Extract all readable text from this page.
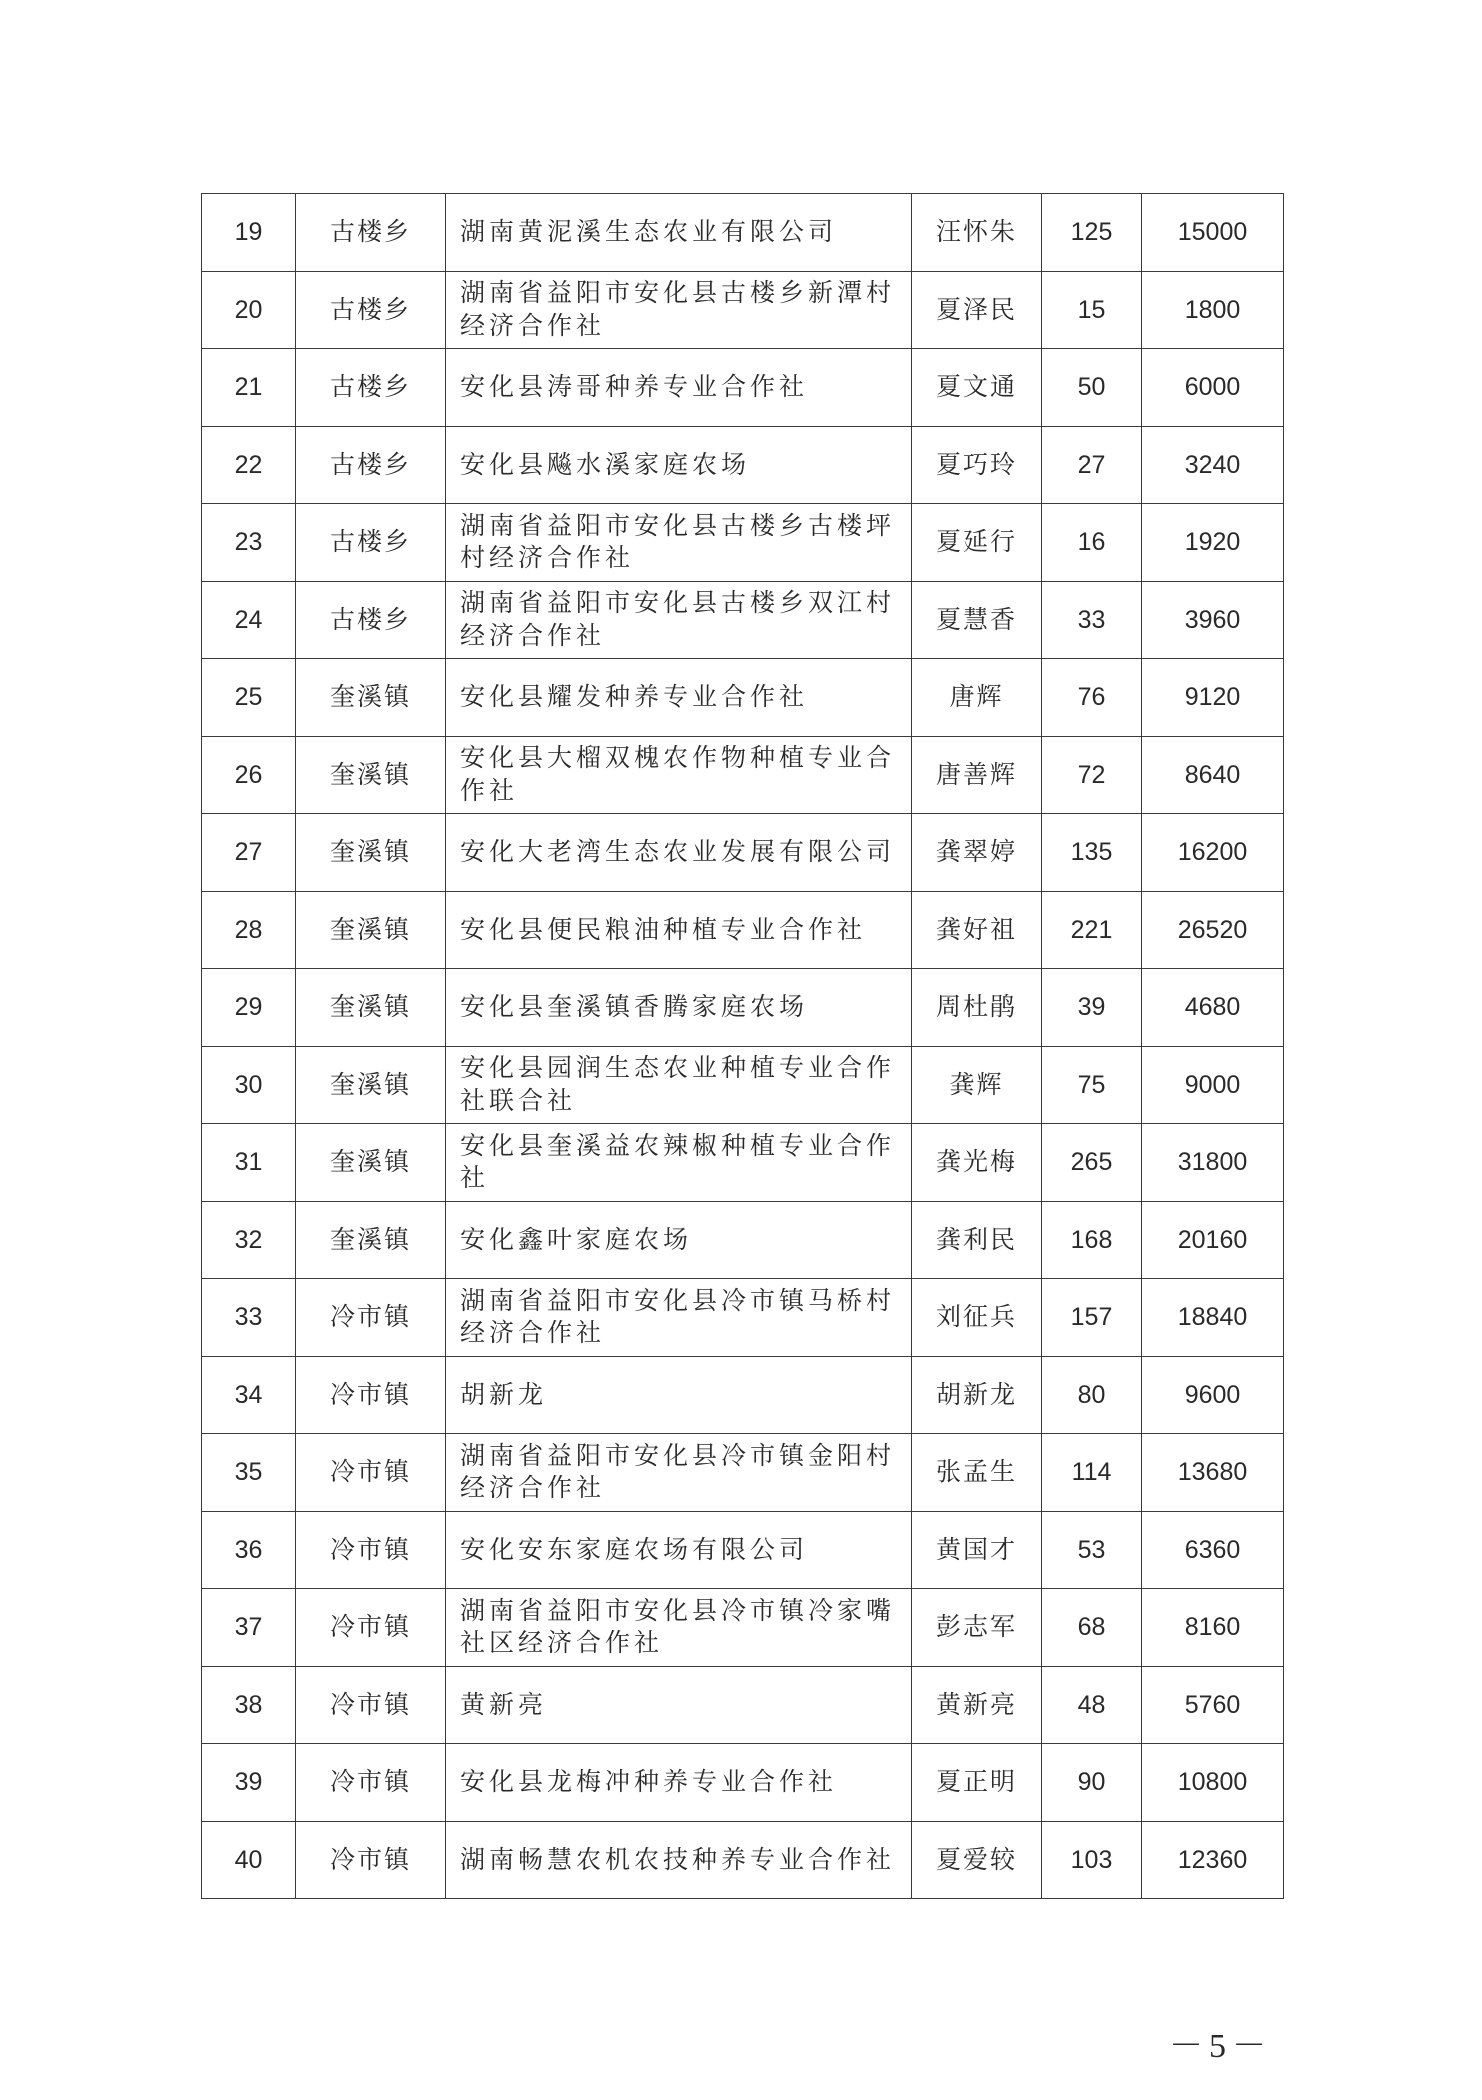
19	古楼乡	湖南黄泥溪生态农业有限公司	汪怀朱	125	15000
20	古楼乡	湖南省益阳市安化县古楼乡新潭村经济合作社	夏泽民	15	1800
21	古楼乡	安化县涛哥种养专业合作社	夏文通	50	6000
22	古楼乡	安化县飚水溪家庭农场	夏巧玲	27	3240
23	古楼乡	湖南省益阳市安化县古楼乡古楼坪村经济合作社	夏延行	16	1920
24	古楼乡	湖南省益阳市安化县古楼乡双江村经济合作社	夏慧香	33	3960
25	奎溪镇	安化县耀发种养专业合作社	唐辉	76	9120
26	奎溪镇	安化县大榴双槐农作物种植专业合作社	唐善辉	72	8640
27	奎溪镇	安化大老湾生态农业发展有限公司	龚翠婷	135	16200
28	奎溪镇	安化县便民粮油种植专业合作社	龚好祖	221	26520
29	奎溪镇	安化县奎溪镇香腾家庭农场	周杜鹃	39	4680
30	奎溪镇	安化县园润生态农业种植专业合作社联合社	龚辉	75	9000
31	奎溪镇	安化县奎溪益农辣椒种植专业合作社	龚光梅	265	31800
32	奎溪镇	安化鑫叶家庭农场	龚利民	168	20160
33	冷市镇	湖南省益阳市安化县冷市镇马桥村经济合作社	刘征兵	157	18840
34	冷市镇	胡新龙	胡新龙	80	9600
35	冷市镇	湖南省益阳市安化县冷市镇金阳村经济合作社	张孟生	114	13680
36	冷市镇	安化安东家庭农场有限公司	黄国才	53	6360
37	冷市镇	湖南省益阳市安化县冷市镇冷家嘴社区经济合作社	彭志军	68	8160
38	冷市镇	黄新亮	黄新亮	48	5760
39	冷市镇	安化县龙梅冲种养专业合作社	夏正明	90	10800
40	冷市镇	湖南畅慧农机农技种养专业合作社	夏爱较	103	12360
－5－
